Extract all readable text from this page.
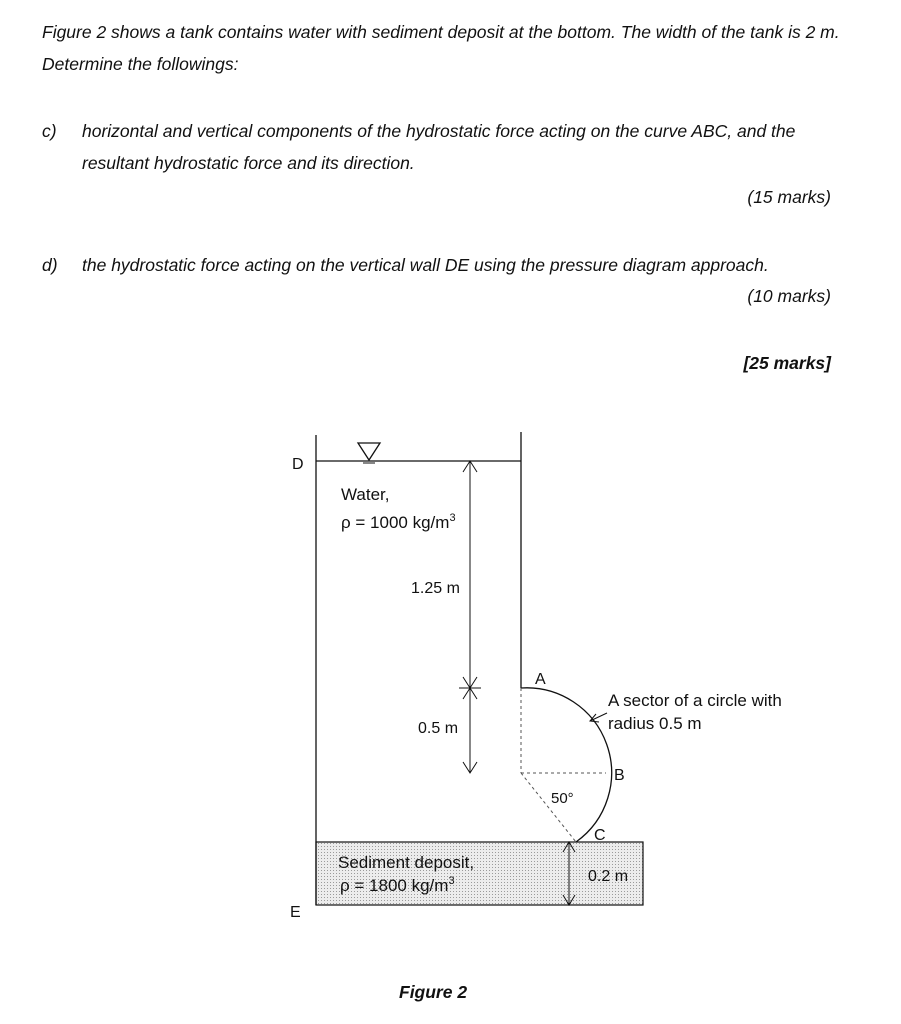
Figure 2 shows a tank contains water with sediment deposit at the bottom. The width of the tank is 2 m. Determine the followings:
c) horizontal and vertical components of the hydrostatic force acting on the curve ABC, and the resultant hydrostatic force and its direction.
(15 marks)
d) the hydrostatic force acting on the vertical wall DE using the pressure diagram approach.
(10 marks)
[25 marks]
D
E
A
B
C
Water,
ρ = 1000 $kg/m^3$
1.25 m
0.5 m
0.2 m
50°
A sector of a circle with
radius 0.5 m
Sediment deposit,
ρ = 1800 $kg/m^3$
Figure 2
